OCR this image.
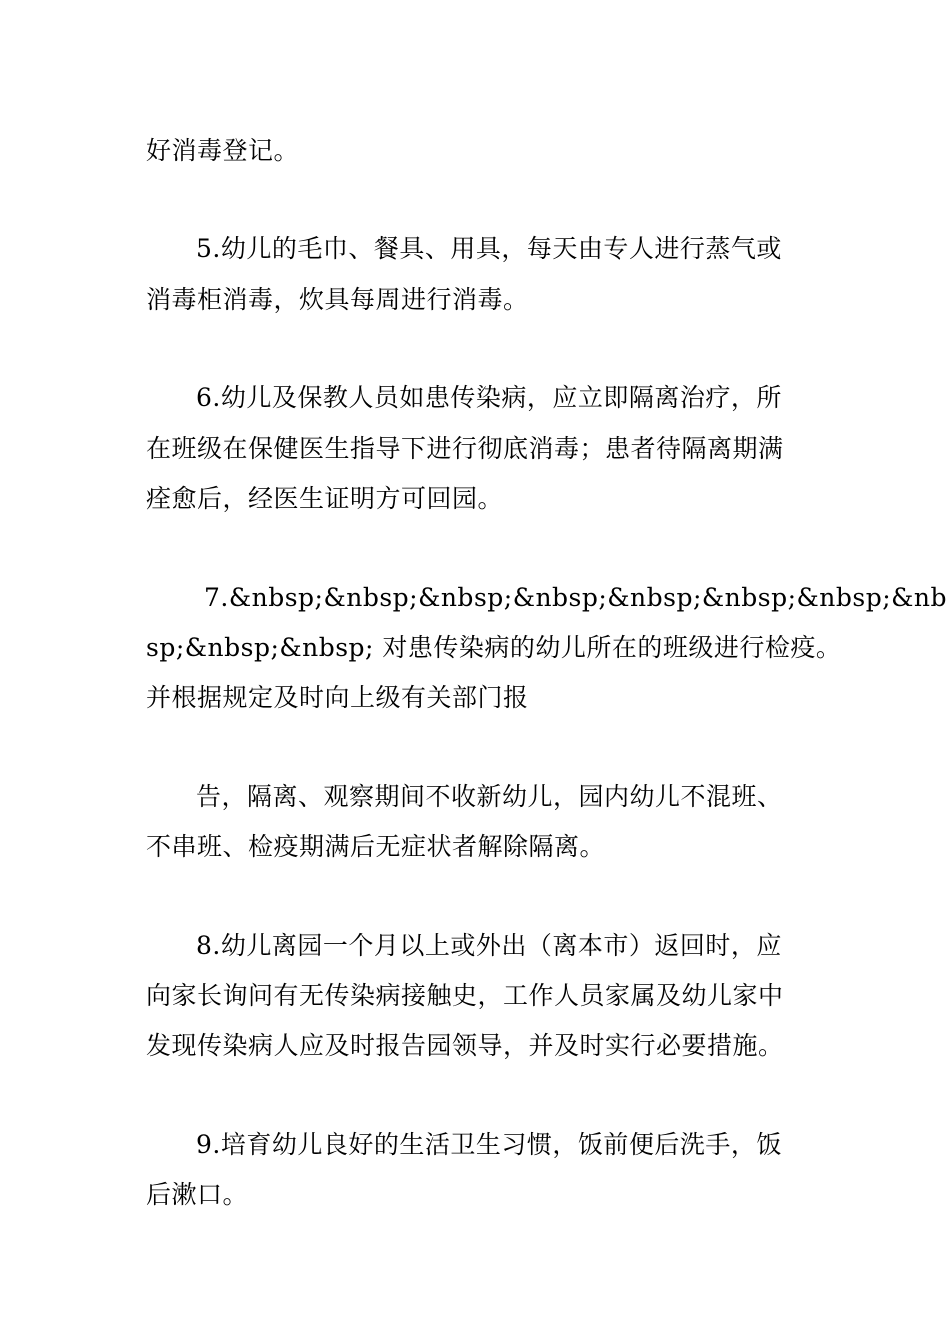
好消毒登记。
5.幼儿的毛巾、餐具、用具，每天由专人进行蒸气或
消毒柜消毒，炊具每周进行消毒。
6.幼儿及保教人员如患传染病，应立即隔离治疗，所
在班级在保健医生指导下进行彻底消毒；患者待隔离期满
痊愈后，经医生证明方可回园。
7.&nbsp;&nbsp;&nbsp;&nbsp;&nbsp;&nbsp;&nbsp;&nb
sp;&nbsp;&nbsp; 对患传染病的幼儿所在的班级进行检疫。
并根据规定及时向上级有关部门报
告，隔离、观察期间不收新幼儿，园内幼儿不混班、
不串班、检疫期满后无症状者解除隔离。
8.幼儿离园一个月以上或外出（离本市）返回时，应
向家长询问有无传染病接触史，工作人员家属及幼儿家中
发现传染病人应及时报告园领导，并及时实行必要措施。
9.培育幼儿良好的生活卫生习惯，饭前便后洗手，饭
后漱口。
